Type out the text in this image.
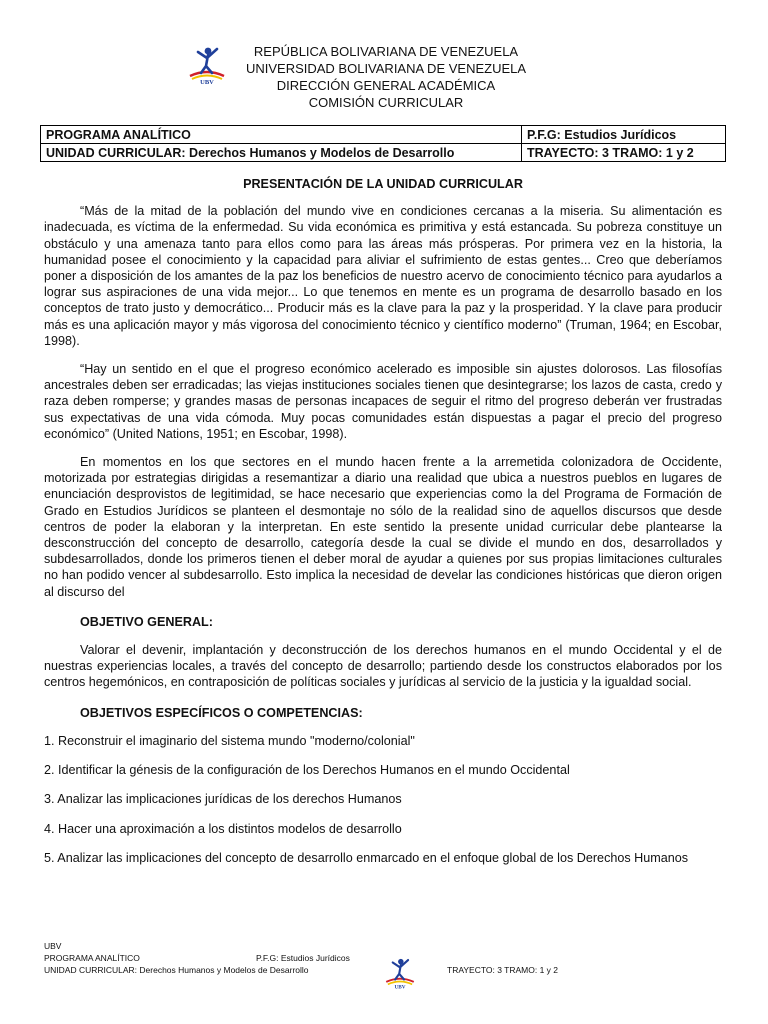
UBV
REPÚBLICA BOLIVARIANA DE VENEZUELA
UNIVERSIDAD BOLIVARIANA DE VENEZUELA
DIRECCIÓN GENERAL ACADÉMICA
COMISIÓN CURRICULAR
PROGRAMA ANALÍTICO	P.F.G: Estudios Jurídicos
UNIDAD CURRICULAR: Derechos Humanos y Modelos de Desarrollo	TRAYECTO: 3 TRAMO: 1 y 2
PRESENTACIÓN DE LA UNIDAD CURRICULAR

“Más de la mitad de la población del mundo vive en condiciones cercanas a la miseria. Su alimentación es inadecuada, es víctima de la enfermedad. Su vida económica es primitiva y está estancada. Su pobreza constituye un obstáculo y una amenaza tanto para ellos como para las áreas más prósperas. Por primera vez en la historia, la humanidad posee el conocimiento y la capacidad para aliviar el sufrimiento de estas gentes... Creo que deberíamos poner a disposición de los amantes de la paz los beneficios de nuestro acervo de conocimiento técnico para ayudarlos a lograr sus aspiraciones de una vida mejor... Lo que tenemos en mente es un programa de desarrollo basado en los conceptos de trato justo y democrático... Producir más es la clave para la paz y la prosperidad. Y la clave para producir más es una aplicación mayor y más vigorosa del conocimiento técnico y científico moderno” (Truman, 1964; en Escobar, 1998).

“Hay un sentido en el que el progreso económico acelerado es imposible sin ajustes dolorosos. Las filosofías ancestrales deben ser erradicadas; las viejas instituciones sociales tienen que desintegrarse; los lazos de casta, credo y raza deben romperse; y grandes masas de personas incapaces de seguir el ritmo del progreso deberán ver frustradas sus expectativas de una vida cómoda. Muy pocas comunidades están dispuestas a pagar el precio del progreso económico” (United Nations, 1951; en Escobar, 1998).

En momentos en los que sectores en el mundo hacen frente a la arremetida colonizadora de Occidente, motorizada por estrategias dirigidas a resemantizar a diario una realidad que ubica a nuestros pueblos en lugares de enunciación desprovistos de legitimidad, se hace necesario que experiencias como la del Programa de Formación de Grado en Estudios Jurídicos se planteen el desmontaje no sólo de la realidad sino de aquellos discursos que desde centros de poder la elaboran y la interpretan. En este sentido la presente unidad curricular debe plantearse la desconstrucción del concepto de desarrollo, categoría desde la cual se divide el mundo en dos, desarrollados y subdesarrollados, donde los primeros tienen el deber moral de ayudar a quienes por sus propias limitaciones culturales no han podido vencer al subdesarrollo. Esto implica la necesidad de develar las condiciones históricas que dieron origen al discurso del

OBJETIVO GENERAL:

Valorar el devenir, implantación y deconstrucción de los derechos humanos en el mundo Occidental y el de nuestras experiencias locales, a través del concepto de desarrollo; partiendo desde los constructos elaborados por los centros hegemónicos, en contraposición de políticas sociales y jurídicas al servicio de la justicia y la igualdad social.

OBJETIVOS ESPECÍFICOS O COMPETENCIAS:

1. Reconstruir el imaginario del sistema mundo "moderno/colonial"

2. Identificar la génesis de la configuración de los Derechos Humanos en el mundo Occidental

3. Analizar las implicaciones jurídicas de los derechos Humanos

4. Hacer una aproximación a los distintos modelos de desarrollo

5. Analizar las implicaciones del concepto de desarrollo enmarcado en el enfoque global de los Derechos Humanos

UBV
PROGRAMA ANALÍTICO	P.F.G: Estudios Jurídicos
UNIDAD CURRICULAR: Derechos Humanos y Modelos de Desarrollo	TRAYECTO: 3 TRAMO: 1 y 2
UBV
